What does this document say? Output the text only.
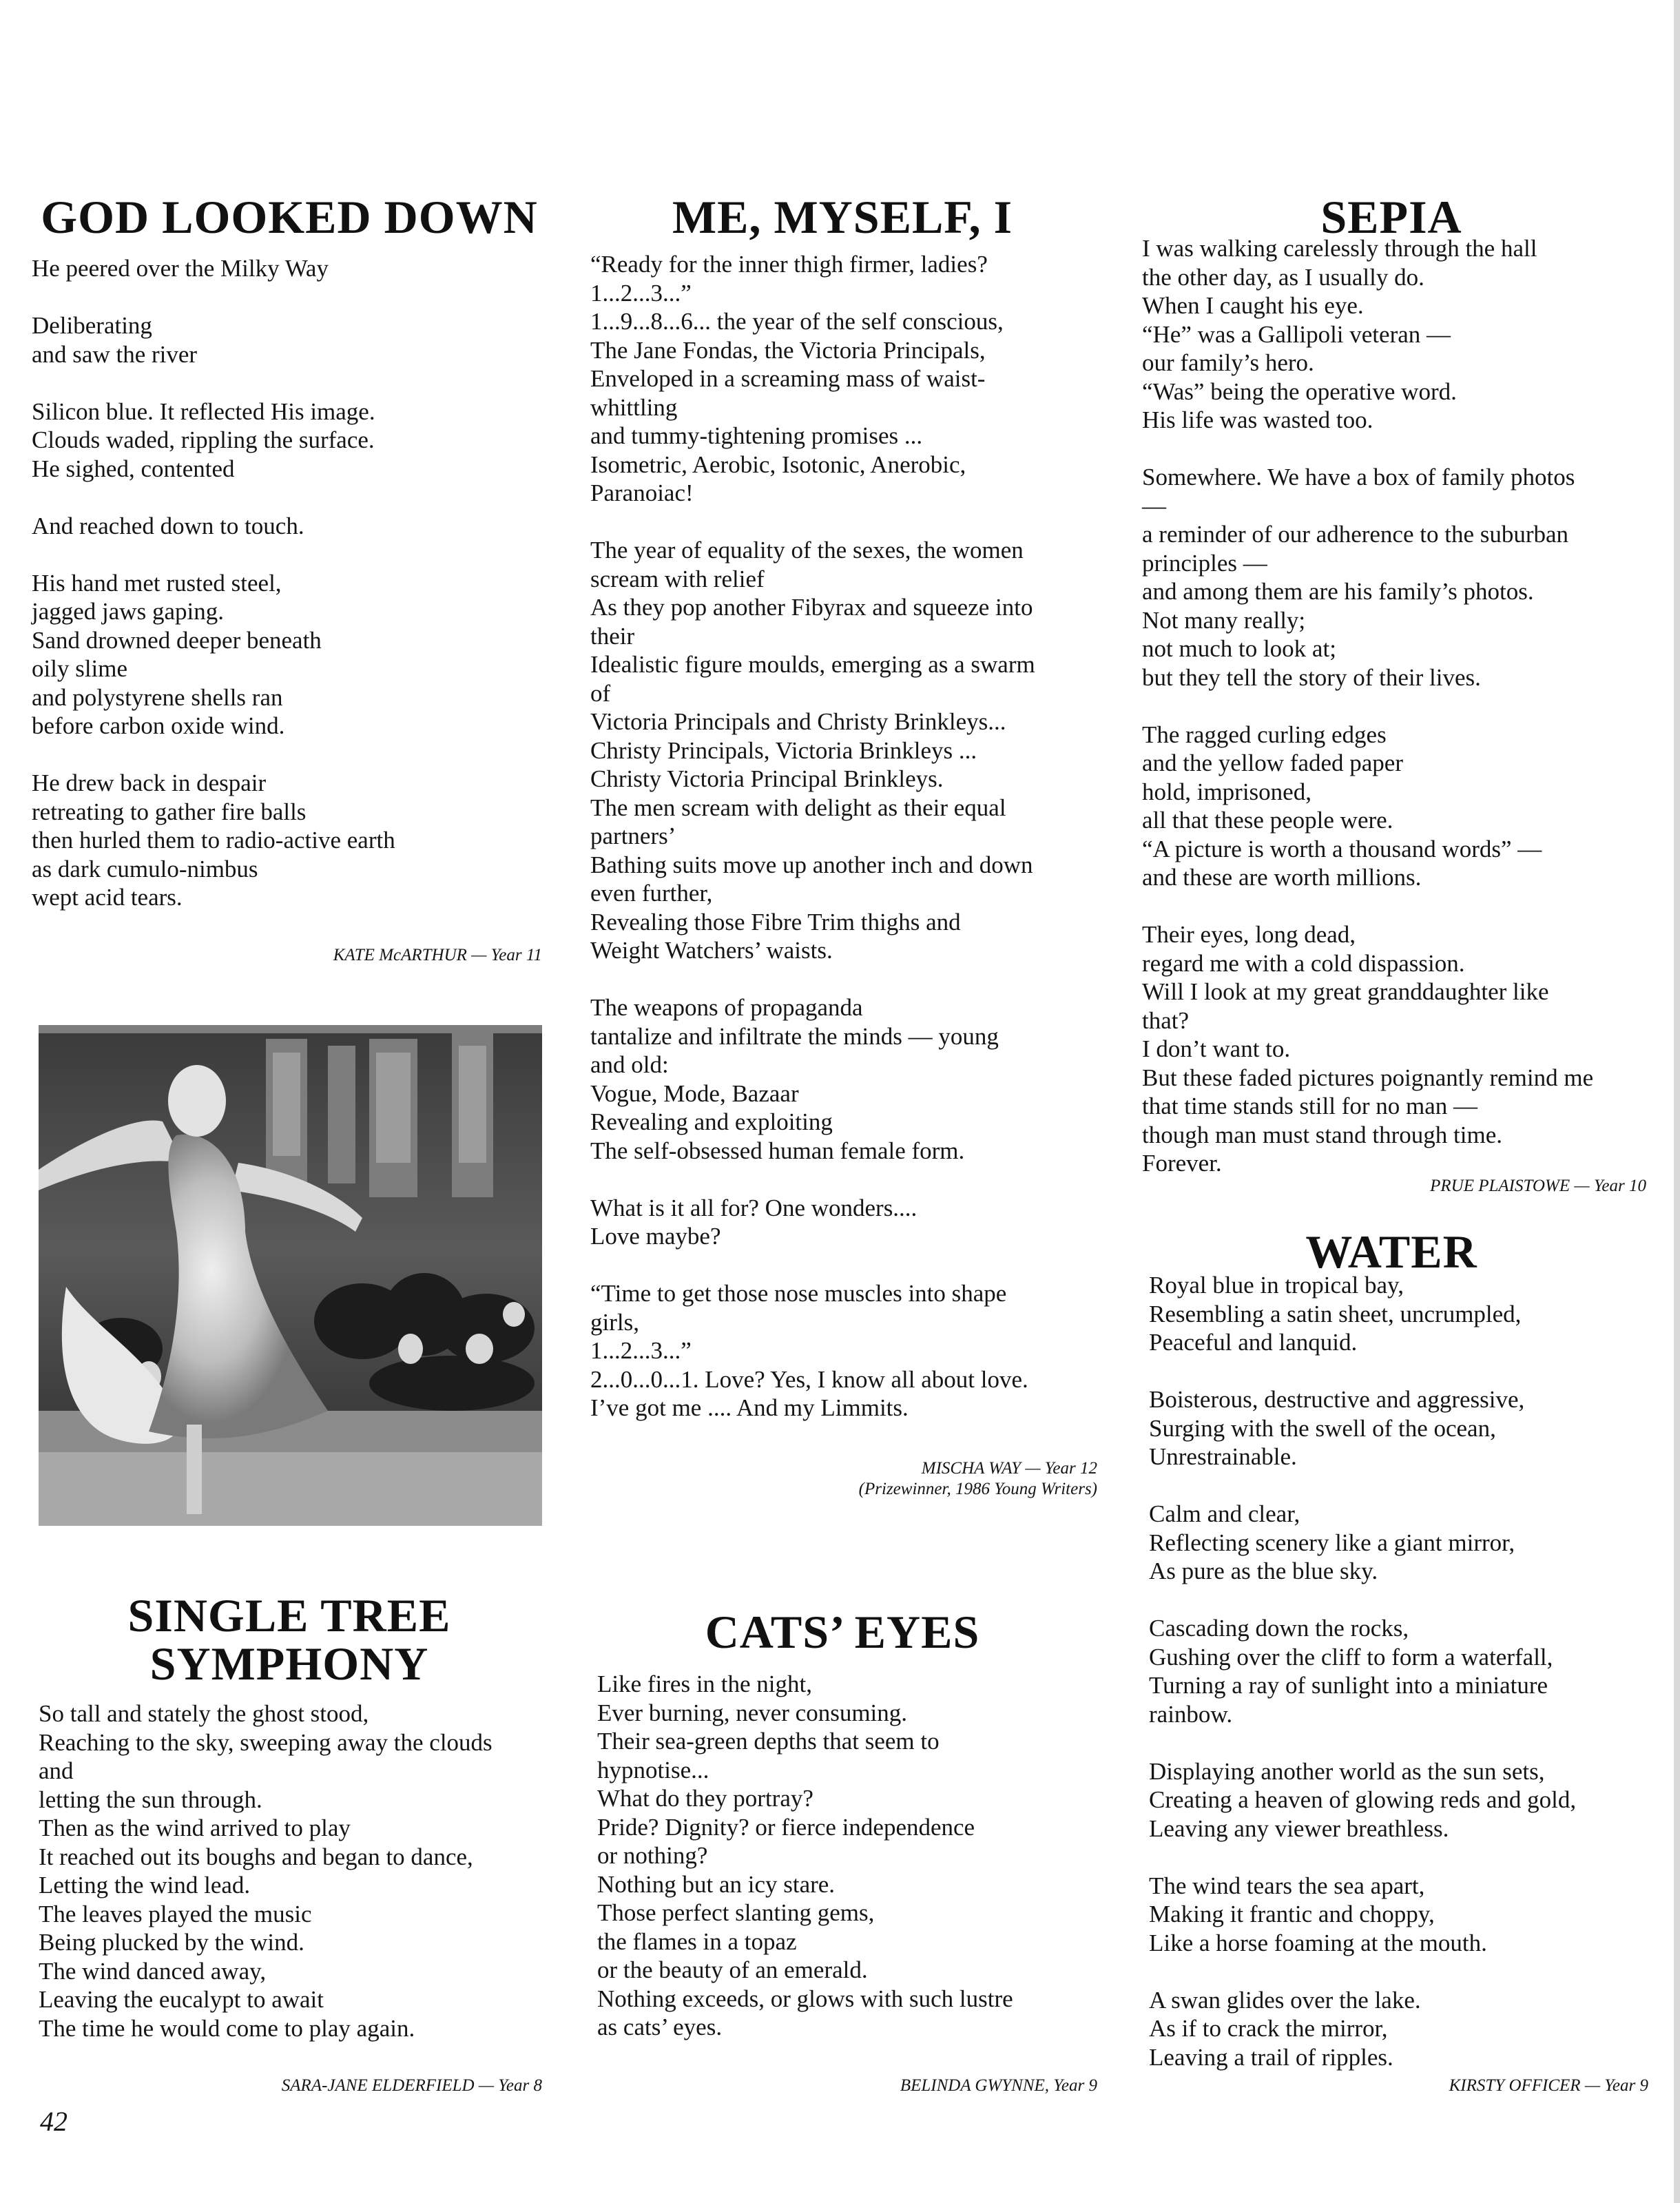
GOD LOOKED DOWN

He peered over the Milky Way

Deliberating
and saw the river

Silicon blue. It reflected His image.
Clouds waded, rippling the surface.
He sighed, contented

And reached down to touch.

His hand met rusted steel,
jagged jaws gaping.
Sand drowned deeper beneath
oily slime
and polystyrene shells ran
before carbon oxide wind.

He drew back in despair
retreating to gather fire balls
then hurled them to radio-active earth
as dark cumulo-nimbus
wept acid tears.

KATE McARTHUR — Year 11

ME, MYSELF, I

“Ready for the inner thigh firmer, ladies?
1...2...3...”
1...9...8...6... the year of the self conscious,
The Jane Fondas, the Victoria Principals,
Enveloped in a screaming mass of waist-
whittling
and tummy-tightening promises ...
Isometric, Aerobic, Isotonic, Anerobic,
Paranoiac!

The year of equality of the sexes, the women
scream with relief
As they pop another Fibyrax and squeeze into
their
Idealistic figure moulds, emerging as a swarm
of
Victoria Principals and Christy Brinkleys...
Christy Principals, Victoria Brinkleys ...
Christy Victoria Principal Brinkleys.
The men scream with delight as their equal
partners’
Bathing suits move up another inch and down
even further,
Revealing those Fibre Trim thighs and
Weight Watchers’ waists.

The weapons of propaganda
tantalize and infiltrate the minds — young
and old:
Vogue, Mode, Bazaar
Revealing and exploiting
The self-obsessed human female form.

What is it all for? One wonders....
Love maybe?

“Time to get those nose muscles into shape
girls,
1...2...3...”
2...0...0...1. Love? Yes, I know all about love.
I’ve got me .... And my Limmits.

MISCHA WAY — Year 12

(Prizewinner, 1986 Young Writers)

SEPIA

I was walking carelessly through the hall
the other day, as I usually do.
When I caught his eye.
“He” was a Gallipoli veteran —
our family’s hero.
“Was” being the operative word.
His life was wasted too.

Somewhere. We have a box of family photos
—
a reminder of our adherence to the suburban
principles —
and among them are his family’s photos.
Not many really;
not much to look at;
but they tell the story of their lives.

The ragged curling edges
and the yellow faded paper
hold, imprisoned,
all that these people were.
“A picture is worth a thousand words” —
and these are worth millions.

Their eyes, long dead,
regard me with a cold dispassion.
Will I look at my great granddaughter like
that?
I don’t want to.
But these faded pictures poignantly remind me
that time stands still for no man —
though man must stand through time.
Forever.

PRUE PLAISTOWE — Year 10

WATER

Royal blue in tropical bay,
Resembling a satin sheet, uncrumpled,
Peaceful and lanquid.

Boisterous, destructive and aggressive,
Surging with the swell of the ocean,
Unrestrainable.

Calm and clear,
Reflecting scenery like a giant mirror,
As pure as the blue sky.

Cascading down the rocks,
Gushing over the cliff to form a waterfall,
Turning a ray of sunlight into a miniature
rainbow.

Displaying another world as the sun sets,
Creating a heaven of glowing reds and gold,
Leaving any viewer breathless.

The wind tears the sea apart,
Making it frantic and choppy,
Like a horse foaming at the mouth.

A swan glides over the lake.
As if to crack the mirror,
Leaving a trail of ripples.

KIRSTY OFFICER — Year 9

SINGLE TREE
SYMPHONY

So tall and stately the ghost stood,
Reaching to the sky, sweeping away the clouds
and
letting the sun through.
Then as the wind arrived to play
It reached out its boughs and began to dance,
Letting the wind lead.
The leaves played the music
Being plucked by the wind.
The wind danced away,
Leaving the eucalypt to await
The time he would come to play again.

SARA-JANE ELDERFIELD — Year 8

CATS’ EYES

Like fires in the night,
Ever burning, never consuming.
Their sea-green depths that seem to
hypnotise...
What do they portray?
Pride? Dignity? or fierce independence
or nothing?
Nothing but an icy stare.
Those perfect slanting gems,
the flames in a topaz
or the beauty of an emerald.
Nothing exceeds, or glows with such lustre
as cats’ eyes.

BELINDA GWYNNE, Year 9

42
